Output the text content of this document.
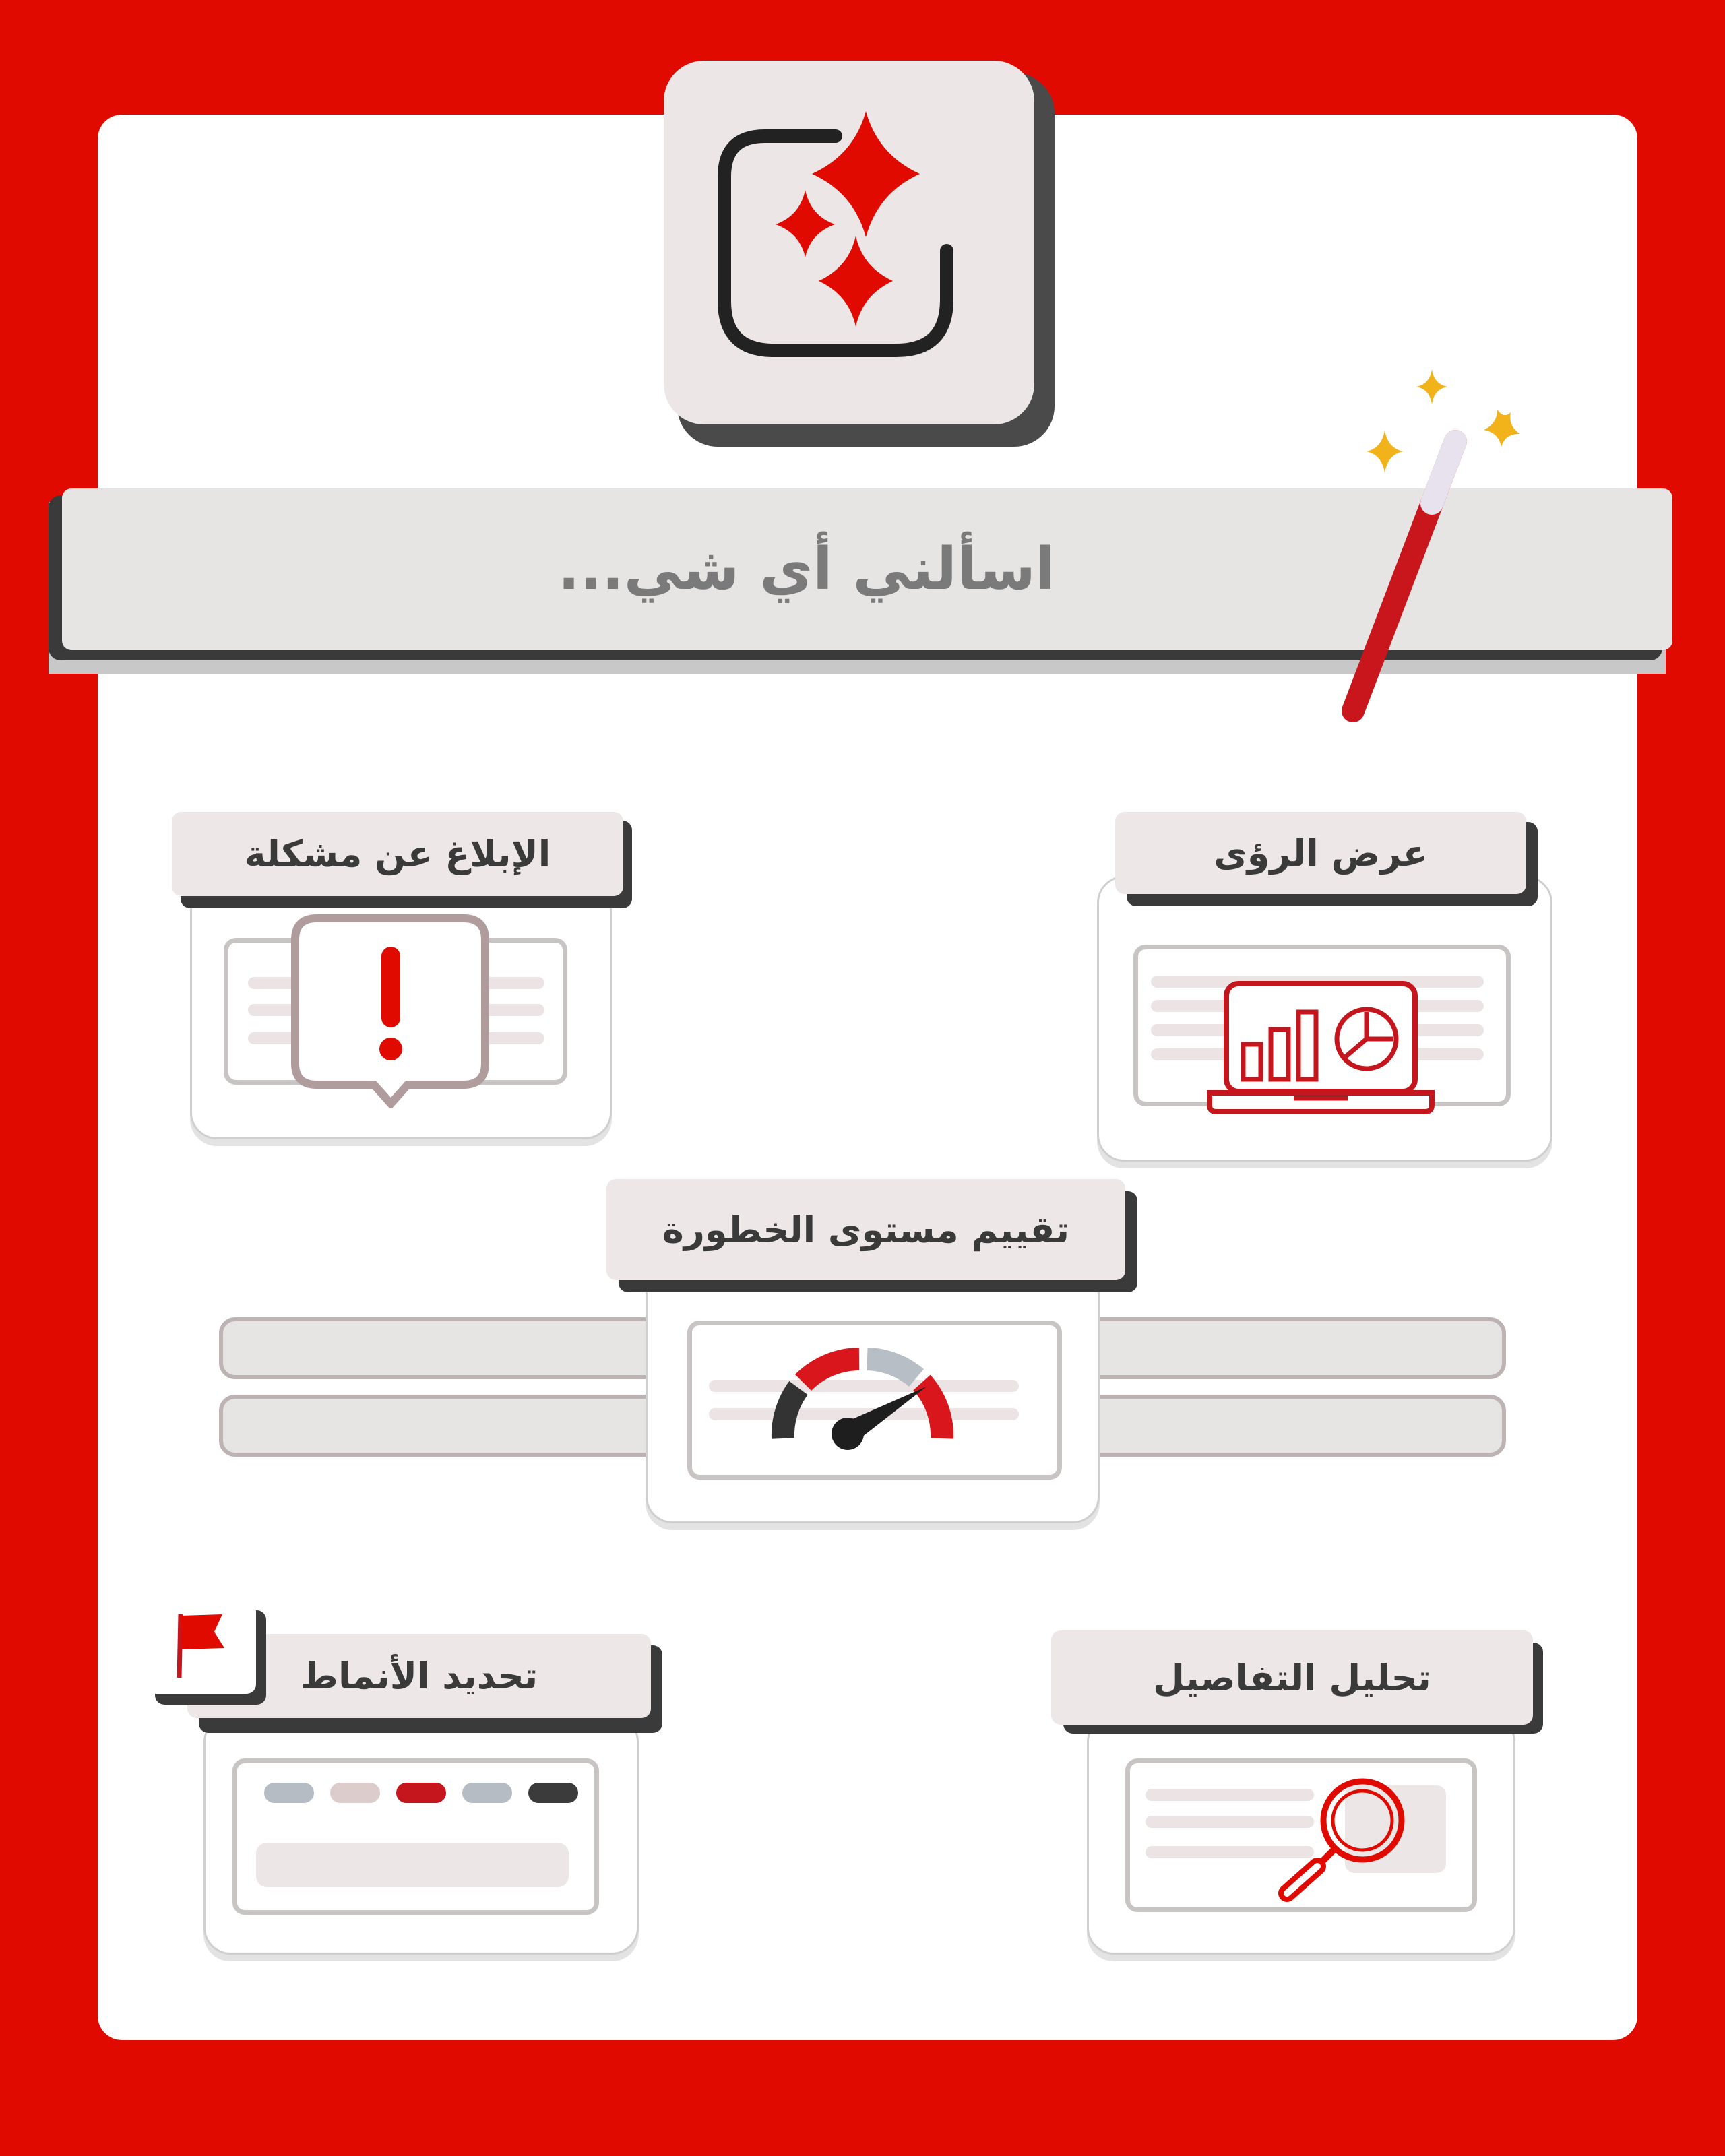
اسألني أي شي...
الإبلاغ عن مشكلة	عرض الرؤى
تقييم مستوى الخطورة
تحديد الأنماط	تحليل التفاصيل
